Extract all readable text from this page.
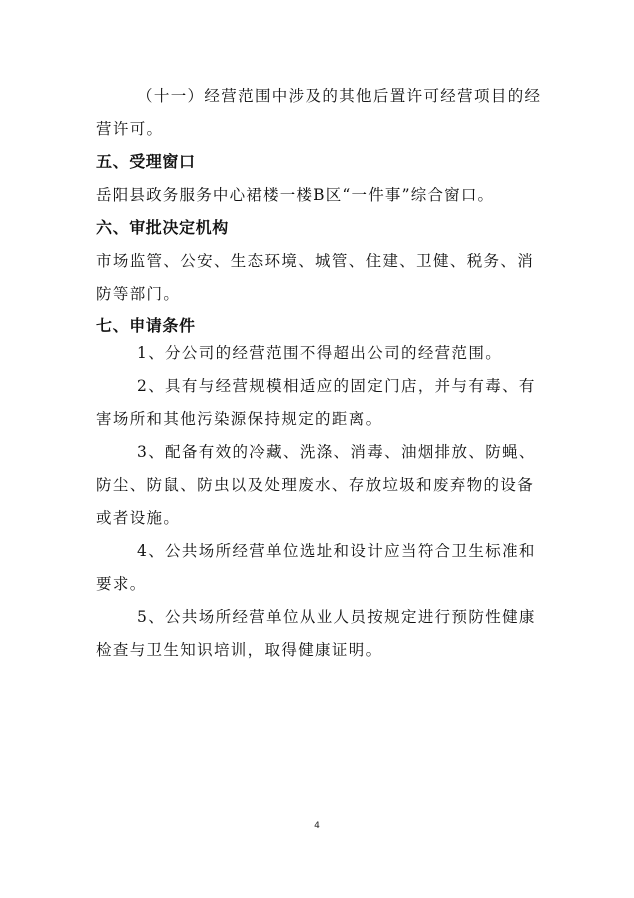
（十一）经营范围中涉及的其他后置许可经营项目的经
营许可。
五、受理窗口
岳阳县政务服务中心裙楼一楼B区“一件事”综合窗口。
六、审批决定机构
市场监管、公安、生态环境、城管、住建、卫健、税务、消
防等部门。
七、申请条件
1、分公司的经营范围不得超出公司的经营范围。
2、具有与经营规模相适应的固定门店，并与有毒、有
害场所和其他污染源保持规定的距离。
3、配备有效的冷藏、洗涤、消毒、油烟排放、防蝇、
防尘、防鼠、防虫以及处理废水、存放垃圾和废弃物的设备
或者设施。
4、公共场所经营单位选址和设计应当符合卫生标准和
要求。
5、公共场所经营单位从业人员按规定进行预防性健康
检查与卫生知识培训，取得健康证明。
4
